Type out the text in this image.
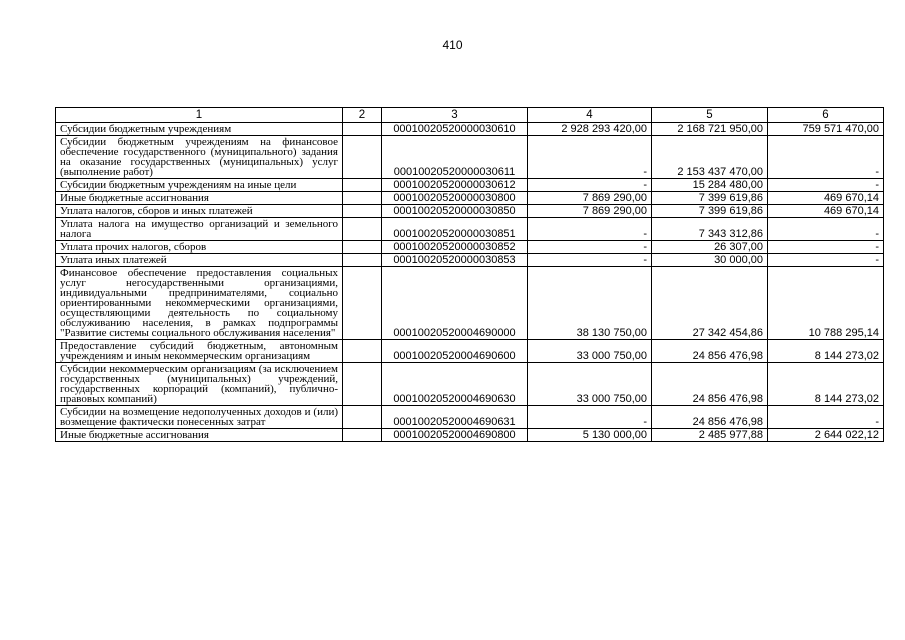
410
1	2	3	4	5	6
Субсидии бюджетным учреждениям		00010020520000030610	2 928 293 420,00	2 168 721 950,00	759 571 470,00
Субсидии бюджетным учреждениям на финансовое обеспечение государственного (муниципального) задания на оказание государственных (муниципальных) услуг (выполнение работ)		00010020520000030611	-	2 153 437 470,00	-
Субсидии бюджетным учреждениям на иные цели		00010020520000030612	-	15 284 480,00	-
Иные бюджетные ассигнования		00010020520000030800	7 869 290,00	7 399 619,86	469 670,14
Уплата налогов, сборов и иных платежей		00010020520000030850	7 869 290,00	7 399 619,86	469 670,14
Уплата налога на имущество организаций и земельного налога		00010020520000030851	-	7 343 312,86	-
Уплата прочих налогов, сборов		00010020520000030852	-	26 307,00	-
Уплата иных платежей		00010020520000030853	-	30 000,00	-
Финансовое обеспечение предоставления социальных услуг негосударственными организациями, индивидуальными предпринимателями, социально ориентированными некоммерческими организациями, осуществляющими деятельность по социальному обслуживанию населения, в рамках подпрограммы "Развитие системы социального обслуживания населения"		00010020520004690000	38 130 750,00	27 342 454,86	10 788 295,14
Предоставление субсидий бюджетным, автономным учреждениям и иным некоммерческим организациям		00010020520004690600	33 000 750,00	24 856 476,98	8 144 273,02
Субсидии некоммерческим организациям (за исключением государственных (муниципальных) учреждений, государственных корпораций (компаний), публично-правовых компаний)		00010020520004690630	33 000 750,00	24 856 476,98	8 144 273,02
Субсидии на возмещение недополученных доходов и (или) возмещение фактически понесенных затрат		00010020520004690631	-	24 856 476,98	-
Иные бюджетные ассигнования		00010020520004690800	5 130 000,00	2 485 977,88	2 644 022,12
